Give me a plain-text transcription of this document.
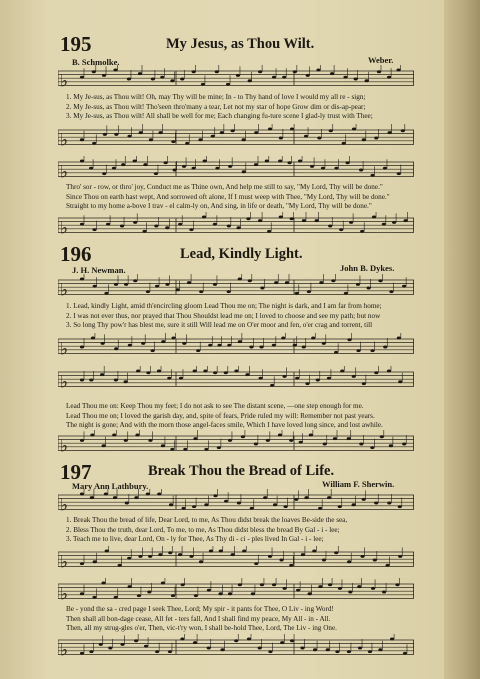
195	My Jesus, as Thou Wilt.
B. Schmolke.	Weber.
♭
1. My Je-sus, as Thou wilt! Oh, may Thy will be mine; In - to Thy hand of love I would my all re - sign;
2. My Je-sus, as Thou wilt! Tho'seen thro'many a tear, Let not my star of hope Grow dim or dis-ap-pear;
3. My Je-sus, as Thou wilt! All shall be well for me; Each changing fu-ture scene I glad-ly trust with Thee;
♭
♭
Thro' sor - row, or thro' joy, Conduct me as Thine own, And help me still to say, "My Lord, Thy will be done."
Since Thou on earth hast wept, And sorrowed oft alone, If I must weep with Thee, "My Lord, Thy will be done."
Straight to my home a-bove I trav - el calm-ly on, And sing, in life or death, "My Lord, Thy will be done."
♭
196	Lead, Kindly Light.
J. H. Newman.	John B. Dykes.
♭
1. Lead, kindly Light, amid th'encircling gloom Lead Thou me on; The night is dark, and I am far from home;
2. I was not ever thus, nor prayed that Thou Shouldst lead me on; I loved to choose and see my path; but now
3. So long Thy pow'r has blest me, sure it still Will lead me on O'er moor and fen, o'er crag and torrent, till
♭
♭
Lead Thou me on: Keep Thou my feet; I do not ask to see The distant scene, —one step enough for me.
Lead Thou me on; I loved the garish day, and, spite of fears, Pride ruled my will: Remember not past years.
The night is gone; And with the morn those angel-faces smile, Which I have loved long since, and lost awhile.
♭
197	Break Thou the Bread of Life.
Mary Ann Lathbury.	William F. Sherwin.
♭
1. Break Thou the bread of life, Dear Lord, to me, As Thou didst break the loaves Be-side the sea,
2. Bless Thou the truth, dear Lord, To me, to me, As Thou didst bless the bread By Gal - i - lee;
3. Teach me to live, dear Lord, On - ly for Thee, As Thy di - ci - ples lived In Gal - i - lee;
♭
♭
Be - yond the sa - cred page I seek Thee, Lord; My spir - it pants for Thee, O Liv - ing Word!
Then shall all bon-dage cease, All fet - ters fall, And I shall find my peace, My All - in - All.
Then, all my strug-gles o'er, Then, vic-t'ry won, I shall be-hold Thee, Lord, The Liv - ing One.
♭
